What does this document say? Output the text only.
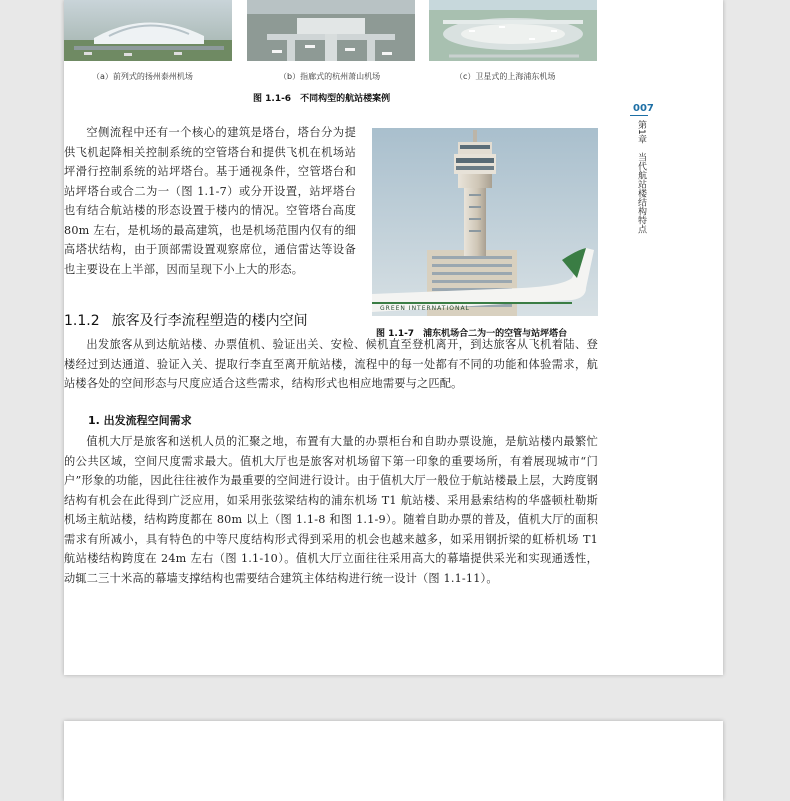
（a）前列式的扬州泰州机场	（b）指廊式的杭州萧山机场	（c）卫星式的上海浦东机场
图 1.1-6　不同构型的航站楼案例
007
第1章　当代航站楼结构特点

空侧流程中还有一个核心的建筑是塔台，塔台分为提供飞机起降相关控制系统的空管塔台和提供飞机在机场站坪滑行控制系统的站坪塔台。基于通视条件，空管塔台和站坪塔台或合二为一（图 1.1-7）或分开设置，站坪塔台也有结合航站楼的形态设置于楼内的情况。空管塔台高度 80m 左右，是机场的最高建筑，也是机场范围内仅有的细高塔状结构，由于顶部需设置观察席位，通信雷达等设备也主要设在上半部，因而呈现下小上大的形态。

GREEN INTERNATIONAL
图 1.1-7　浦东机场合二为一的空管与站坪塔台
1.1.2 旅客及行李流程塑造的楼内空间

出发旅客从到达航站楼、办票值机、验证出关、安检、候机直至登机离开，到达旅客从飞机着陆、登楼经过到达通道、验证入关、提取行李直至离开航站楼，流程中的每一处都有不同的功能和体验需求，航站楼各处的空间形态与尺度应适合这些需求，结构形式也相应地需要与之匹配。

1. 出发流程空间需求

值机大厅是旅客和送机人员的汇聚之地，布置有大量的办票柜台和自助办票设施，是航站楼内最繁忙的公共区域，空间尺度需求最大。值机大厅也是旅客对机场留下第一印象的重要场所，有着展现城市“门户”形象的功能，因此往往被作为最重要的空间进行设计。由于值机大厅一般位于航站楼最上层，大跨度钢结构有机会在此得到广泛应用，如采用张弦梁结构的浦东机场 T1 航站楼、采用悬索结构的华盛顿杜勒斯机场主航站楼，结构跨度都在 80m 以上（图 1.1-8 和图 1.1-9）。随着自助办票的普及，值机大厅的面积需求有所减小，具有特色的中等尺度结构形式得到采用的机会也越来越多，如采用钢折梁的虹桥机场 T1 航站楼结构跨度在 24m 左右（图 1.1-10）。值机大厅立面往往采用高大的幕墙提供采光和实现通透性，动辄二三十米高的幕墙支撑结构也需要结合建筑主体结构进行统一设计（图 1.1-11）。
